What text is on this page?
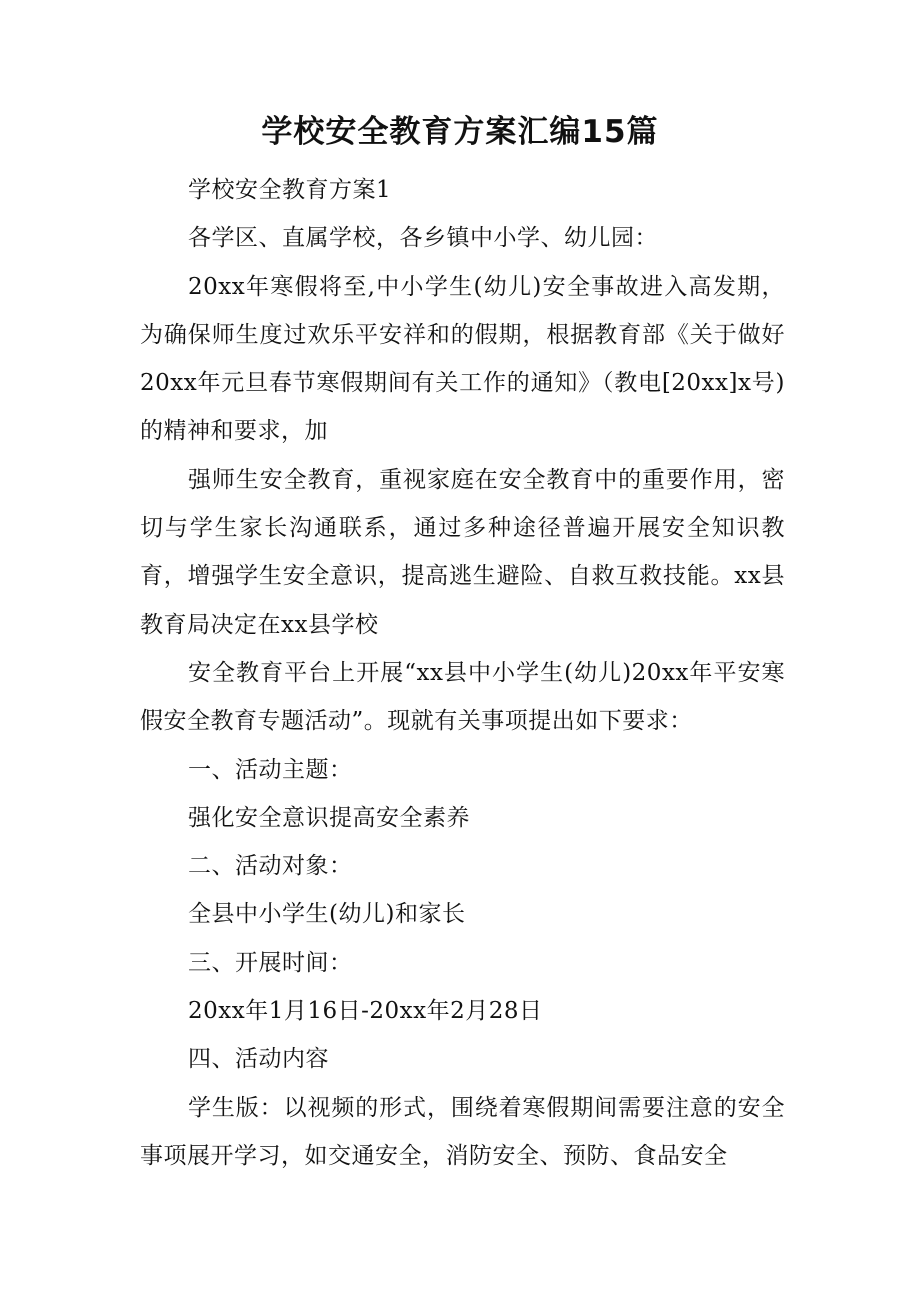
学校安全教育方案汇编15篇

学校安全教育方案1

各学区、直属学校，各乡镇中小学、幼儿园：

20xx年寒假将至,中小学生(幼儿)安全事故进入高发期，为确保师生度过欢乐平安祥和的假期，根据教育部《关于做好20xx年元旦春节寒假期间有关工作的通知》（教电[20xx]x号)的精神和要求，加

强师生安全教育，重视家庭在安全教育中的重要作用，密切与学生家长沟通联系，通过多种途径普遍开展安全知识教育，增强学生安全意识，提高逃生避险、自救互救技能。xx县教育局决定在xx县学校

安全教育平台上开展“xx县中小学生(幼儿)20xx年平安寒假安全教育专题活动”。现就有关事项提出如下要求：

一、活动主题：

强化安全意识提高安全素养

二、活动对象：

全县中小学生(幼儿)和家长

三、开展时间：

20xx年1月16日-20xx年2月28日

四、活动内容

学生版：以视频的形式，围绕着寒假期间需要注意的安全事项展开学习，如交通安全，消防安全、预防、食品安全
